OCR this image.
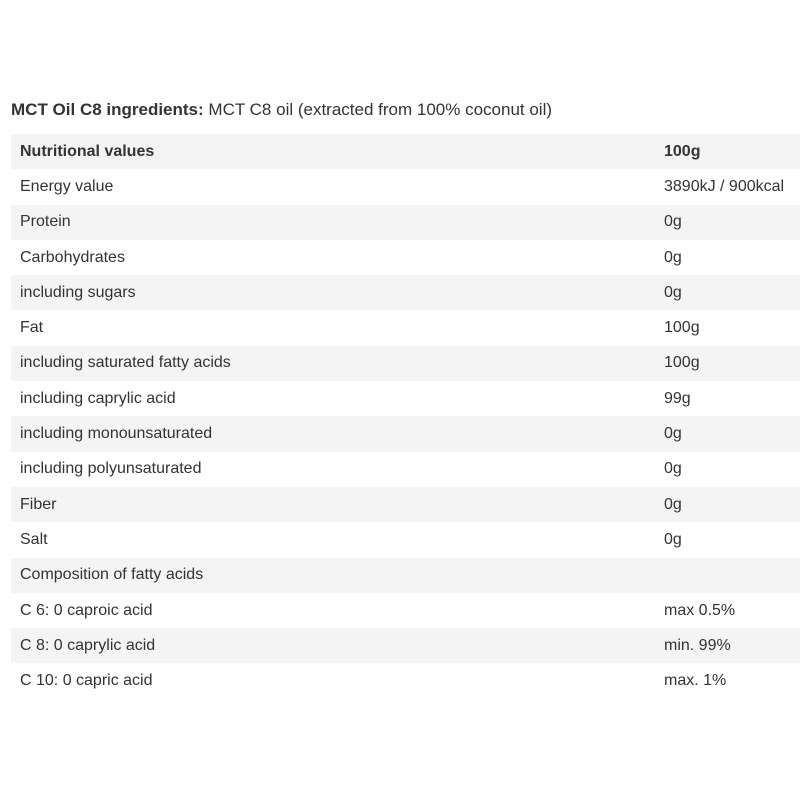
MCT Oil C8 ingredients: MCT C8 oil (extracted from 100% coconut oil)
Nutritional values	100g
Energy value	3890kJ / 900kcal
Protein	0g
Carbohydrates	0g
including sugars	0g
Fat	100g
including saturated fatty acids	100g
including caprylic acid	99g
including monounsaturated	0g
including polyunsaturated	0g
Fiber	0g
Salt	0g
Composition of fatty acids
C 6: 0 caproic acid	max 0.5%
C 8: 0 caprylic acid	min. 99%
C 10: 0 capric acid	max. 1%
